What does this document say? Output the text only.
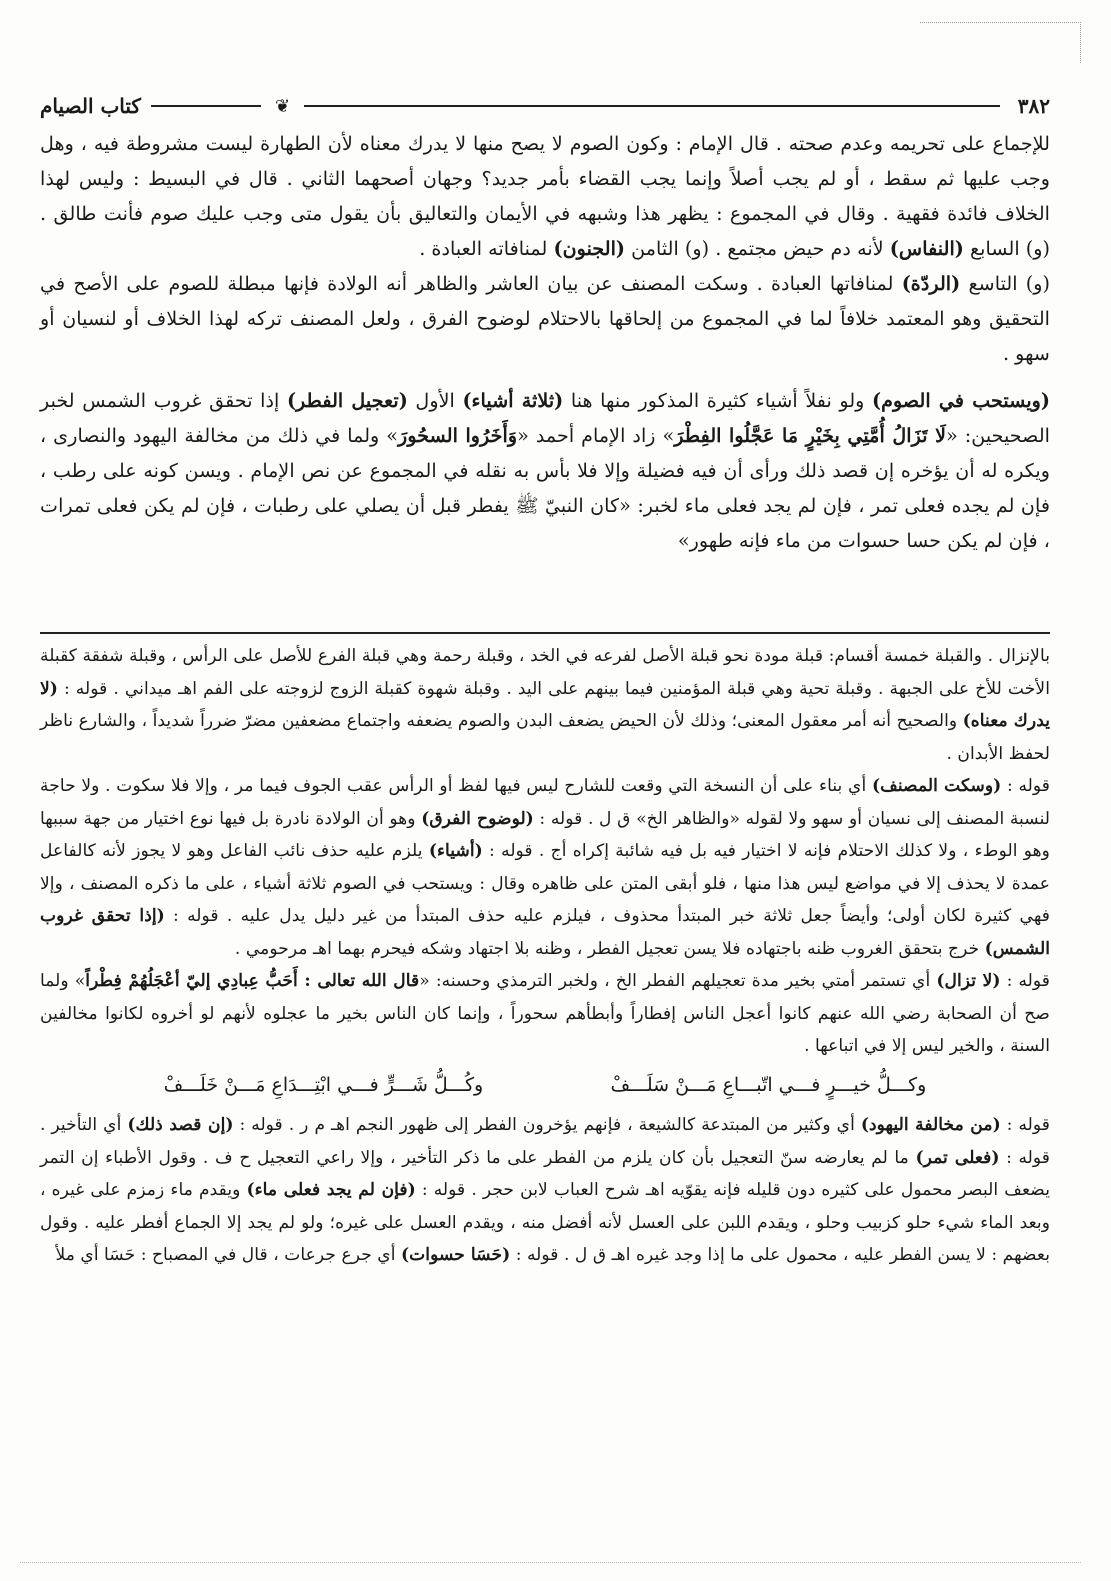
٣٨٢
❦
كتاب الصيام

للإجماع على تحريمه وعدم صحته . قال الإمام : وكون الصوم لا يصح منها لا يدرك معناه لأن الطهارة ليست مشروطة فيه ، وهل وجب عليها ثم سقط ، أو لم يجب أصلاً وإنما يجب القضاء بأمر جديد؟ وجهان أصحهما الثاني . قال في البسيط : وليس لهذا الخلاف فائدة فقهية . وقال في المجموع : يظهر هذا وشبهه في الأيمان والتعاليق بأن يقول متى وجب عليك صوم فأنت طالق . (و) السابع (النفاس) لأنه دم حيض مجتمع . (و) الثامن (الجنون) لمنافاته العبادة .

(و) التاسع (الردّة) لمنافاتها العبادة . وسكت المصنف عن بيان العاشر والظاهر أنه الولادة فإنها مبطلة للصوم على الأصح في التحقيق وهو المعتمد خلافاً لما في المجموع من إلحاقها بالاحتلام لوضوح الفرق ، ولعل المصنف تركه لهذا الخلاف أو لنسيان أو سهو .

(ويستحب في الصوم) ولو نفلاً أشياء كثيرة المذكور منها هنا (ثلاثة أشياء) الأول (تعجيل الفطر) إذا تحقق غروب الشمس لخبر الصحيحين: «لَا تَزَالُ أُمَّتِي بِخَيْرٍ مَا عَجَّلُوا الفِطْرَ» زاد الإمام أحمد «وَأَخَرُوا السحُورَ» ولما في ذلك من مخالفة اليهود والنصارى ، ويكره له أن يؤخره إن قصد ذلك ورأى أن فيه فضيلة وإلا فلا بأس به نقله في المجموع عن نص الإمام . ويسن كونه على رطب ، فإن لم يجده فعلى تمر ، فإن لم يجد فعلى ماء لخبر: «كان النبيّ ﷺ يفطر قبل أن يصلي على رطبات ، فإن لم يكن فعلى تمرات ، فإن لم يكن حسا حسوات من ماء فإنه طهور»

بالإنزال . والقبلة خمسة أقسام: قبلة مودة نحو قبلة الأصل لفرعه في الخد ، وقبلة رحمة وهي قبلة الفرع للأصل على الرأس ، وقبلة شفقة كقبلة الأخت للأخ على الجبهة . وقبلة تحية وهي قبلة المؤمنين فيما بينهم على اليد . وقبلة شهوة كقبلة الزوج لزوجته على الفم اهـ ميداني . قوله : (لا يدرك معناه) والصحيح أنه أمر معقول المعنى؛ وذلك لأن الحيض يضعف البدن والصوم يضعفه واجتماع مضعفين مضرّ ضرراً شديداً ، والشارع ناظر لحفظ الأبدان .

قوله : (وسكت المصنف) أي بناء على أن النسخة التي وقعت للشارح ليس فيها لفظ أو الرأس عقب الجوف فيما مر ، وإلا فلا سكوت . ولا حاجة لنسبة المصنف إلى نسيان أو سهو ولا لقوله «والظاهر الخ» ق ل . قوله : (لوضوح الفرق) وهو أن الولادة نادرة بل فيها نوع اختيار من جهة سببها وهو الوطء ، ولا كذلك الاحتلام فإنه لا اختيار فيه بل فيه شائبة إكراه أج . قوله : (أشياء) يلزم عليه حذف نائب الفاعل وهو لا يجوز لأنه كالفاعل عمدة لا يحذف إلا في مواضع ليس هذا منها ، فلو أبقى المتن على ظاهره وقال : ويستحب في الصوم ثلاثة أشياء ، على ما ذكره المصنف ، وإلا فهي كثيرة لكان أولى؛ وأيضاً جعل ثلاثة خبر المبتدأ محذوف ، فيلزم عليه حذف المبتدأ من غير دليل يدل عليه . قوله : (إذا تحقق غروب الشمس) خرج بتحقق الغروب ظنه باجتهاده فلا يسن تعجيل الفطر ، وظنه بلا اجتهاد وشكه فيحرم بهما اهـ مرحومي .

قوله : (لا تزال) أي تستمر أمتي بخير مدة تعجيلهم الفطر الخ ، ولخبر الترمذي وحسنه: «قال الله تعالى : أَحَبُّ عِبادِي إليّ أعْجَلُهُمْ فِطْراً» ولما صح أن الصحابة رضي الله عنهم كانوا أعجل الناس إفطاراً وأبطأهم سحوراً ، وإنما كان الناس بخير ما عجلوه لأنهم لو أخروه لكانوا مخالفين السنة ، والخير ليس إلا في اتباعها .

وكـــلُّ خيـــرٍ فـــي اتّبـــاعِ مَـــنْ سَلَـــفْ
وكُـــلُّ شَـــرٍّ فـــي ابْتِـــدَاعِ مَـــنْ خَلَـــفْ

قوله : (من مخالفة اليهود) أي وكثير من المبتدعة كالشيعة ، فإنهم يؤخرون الفطر إلى ظهور النجم اهـ م ر . قوله : (إن قصد ذلك) أي التأخير . قوله : (فعلى تمر) ما لم يعارضه سنّ التعجيل بأن كان يلزم من الفطر على ما ذكر التأخير ، وإلا راعي التعجيل ح ف . وقول الأطباء إن التمر يضعف البصر محمول على كثيره دون قليله فإنه يقوّيه اهـ شرح العباب لابن حجر . قوله : (فإن لم يجد فعلى ماء) ويقدم ماء زمزم على غيره ، وبعد الماء شيء حلو كزبيب وحلو ، ويقدم اللبن على العسل لأنه أفضل منه ، ويقدم العسل على غيره؛ ولو لم يجد إلا الجماع أفطر عليه . وقول بعضهم : لا يسن الفطر عليه ، محمول على ما إذا وجد غيره اهـ ق ل . قوله : (حَسَا حسوات) أي جرع جرعات ، قال في المصباح : حَسَا أي ملأ
